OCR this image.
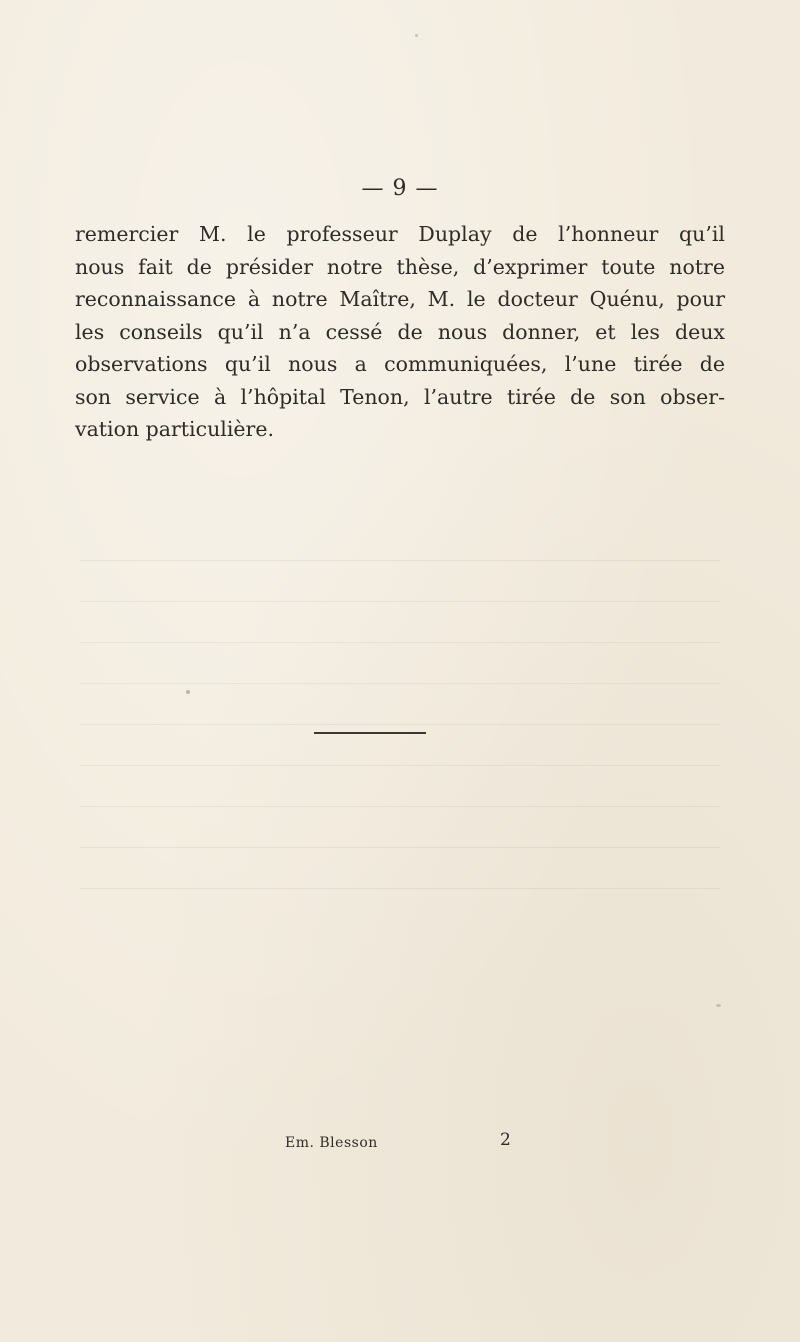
— 9 —

remercier M. le professeur Duplay de l’honneur qu’il
nous fait de présider notre thèse, d’exprimer toute notre
reconnaissance à notre Maître, M. le docteur Quénu, pour
les conseils qu’il n’a cessé de nous donner, et les deux
observations qu’il nous a communiquées, l’une tirée de
son service à l’hôpital Tenon, l’autre tirée de son obser-
vation particulière.

Em. Blesson	2
